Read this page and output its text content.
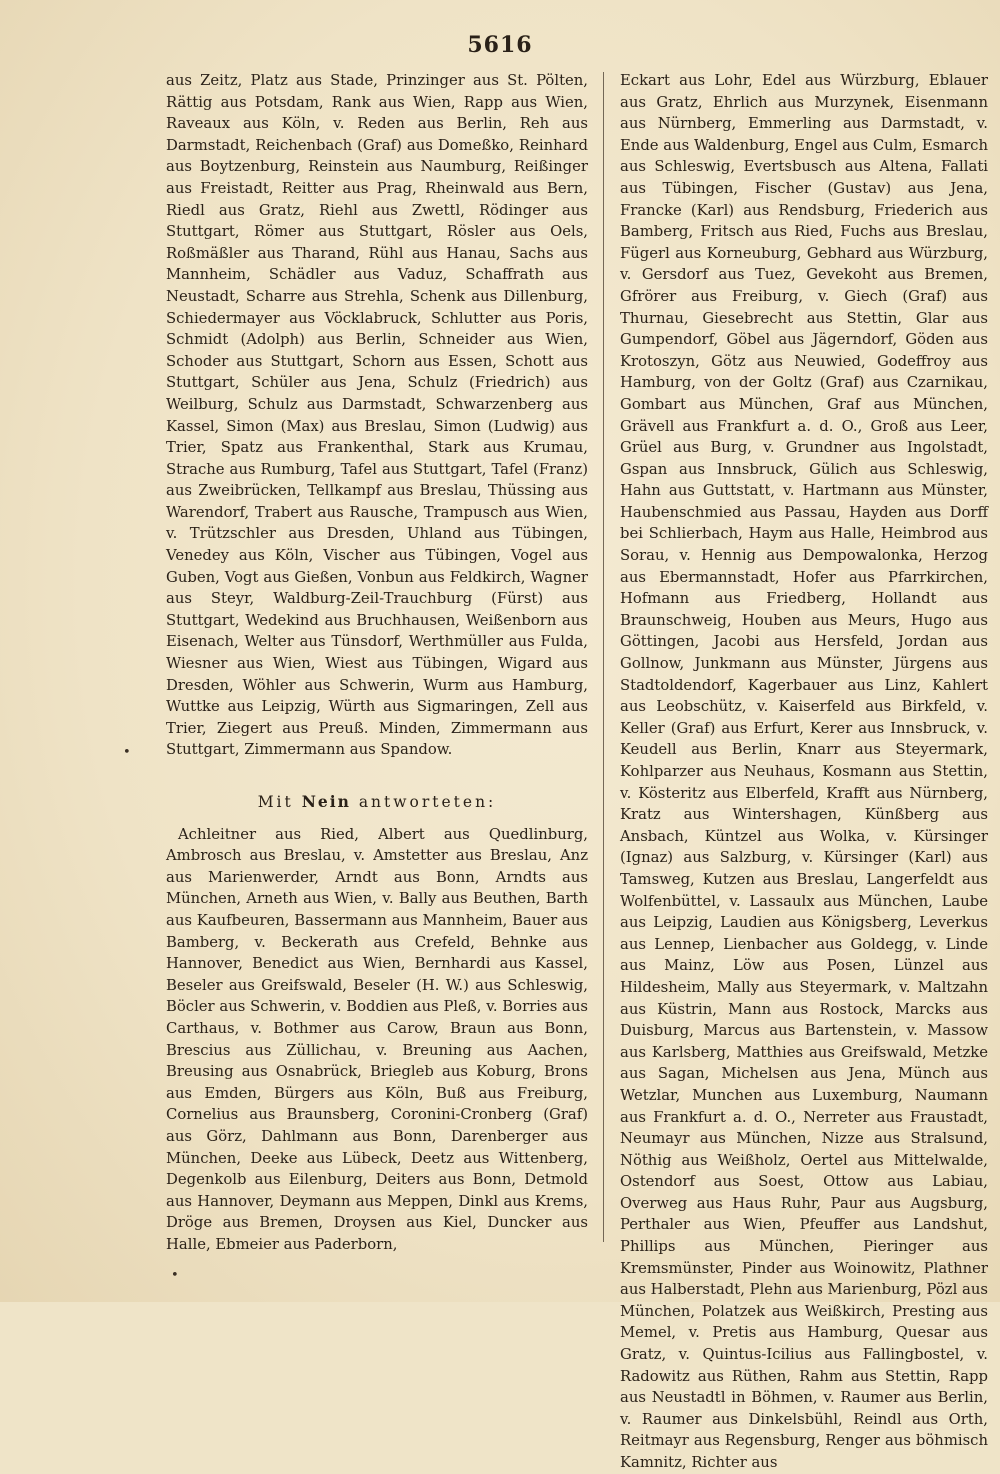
5616

aus Zeitz, Platz aus Stade, Prinzinger aus St. Pölten, Rättig aus Potsdam, Rank aus Wien, Rapp aus Wien, Raveaux aus Köln, v. Reden aus Berlin, Reh aus Darmstadt, Reichenbach (Graf) aus Domeßko, Reinhard aus Boytzenburg, Reinstein aus Naumburg, Reißinger aus Freistadt, Reitter aus Prag, Rheinwald aus Bern, Riedl aus Gratz, Riehl aus Zwettl, Rödinger aus Stuttgart, Römer aus Stuttgart, Rösler aus Oels, Roßmäßler aus Tharand, Rühl aus Hanau, Sachs aus Mannheim, Schädler aus Vaduz, Schaffrath aus Neustadt, Scharre aus Strehla, Schenk aus Dillenburg, Schiedermayer aus Vöcklabruck, Schlutter aus Poris, Schmidt (Adolph) aus Berlin, Schneider aus Wien, Schoder aus Stuttgart, Schorn aus Essen, Schott aus Stuttgart, Schüler aus Jena, Schulz (Friedrich) aus Weilburg, Schulz aus Darmstadt, Schwarzenberg aus Kassel, Simon (Max) aus Breslau, Simon (Ludwig) aus Trier, Spatz aus Frankenthal, Stark aus Krumau, Strache aus Rumburg, Tafel aus Stuttgart, Tafel (Franz) aus Zweibrücken, Tellkampf aus Breslau, Thüssing aus Warendorf, Trabert aus Rausche, Trampusch aus Wien, v. Trützschler aus Dresden, Uhland aus Tübingen, Venedey aus Köln, Vischer aus Tübingen, Vogel aus Guben, Vogt aus Gießen, Vonbun aus Feldkirch, Wagner aus Steyr, Waldburg-Zeil-Trauchburg (Fürst) aus Stuttgart, Wedekind aus Bruchhausen, Weißenborn aus Eisenach, Welter aus Tünsdorf, Werthmüller aus Fulda, Wiesner aus Wien, Wiest aus Tübingen, Wigard aus Dresden, Wöhler aus Schwerin, Wurm aus Hamburg, Wuttke aus Leipzig, Würth aus Sigmaringen, Zell aus Trier, Ziegert aus Preuß. Minden, Zimmermann aus Stuttgart, Zimmermann aus Spandow.

Mit Nein antworteten:

Achleitner aus Ried, Albert aus Quedlinburg, Ambrosch aus Breslau, v. Amstetter aus Breslau, Anz aus Marienwerder, Arndt aus Bonn, Arndts aus München, Arneth aus Wien, v. Bally aus Beuthen, Barth aus Kaufbeuren, Bassermann aus Mannheim, Bauer aus Bamberg, v. Beckerath aus Crefeld, Behnke aus Hannover, Benedict aus Wien, Bernhardi aus Kassel, Beseler aus Greifswald, Beseler (H. W.) aus Schleswig, Böcler aus Schwerin, v. Boddien aus Pleß, v. Borries aus Carthaus, v. Bothmer aus Carow, Braun aus Bonn, Brescius aus Züllichau, v. Breuning aus Aachen, Breusing aus Osnabrück, Briegleb aus Koburg, Brons aus Emden, Bürgers aus Köln, Buß aus Freiburg, Cornelius aus Braunsberg, Coronini-Cronberg (Graf) aus Görz, Dahlmann aus Bonn, Darenberger aus München, Deeke aus Lübeck, Deetz aus Wittenberg, Degenkolb aus Eilenburg, Deiters aus Bonn, Detmold aus Hannover, Deymann aus Meppen, Dinkl aus Krems, Dröge aus Bremen, Droysen aus Kiel, Duncker aus Halle, Ebmeier aus Paderborn,

Eckart aus Lohr, Edel aus Würzburg, Eblauer aus Gratz, Ehrlich aus Murzynek, Eisenmann aus Nürnberg, Emmerling aus Darmstadt, v. Ende aus Waldenburg, Engel aus Culm, Esmarch aus Schleswig, Evertsbusch aus Altena, Fallati aus Tübingen, Fischer (Gustav) aus Jena, Francke (Karl) aus Rendsburg, Friederich aus Bamberg, Fritsch aus Ried, Fuchs aus Breslau, Fügerl aus Korneuburg, Gebhard aus Würzburg, v. Gersdorf aus Tuez, Gevekoht aus Bremen, Gfrörer aus Freiburg, v. Giech (Graf) aus Thurnau, Giesebrecht aus Stettin, Glar aus Gumpendorf, Göbel aus Jägerndorf, Göden aus Krotoszyn, Götz aus Neuwied, Godeffroy aus Hamburg, von der Goltz (Graf) aus Czarnikau, Gombart aus München, Graf aus München, Grävell aus Frankfurt a. d. O., Groß aus Leer, Grüel aus Burg, v. Grundner aus Ingolstadt, Gspan aus Innsbruck, Gülich aus Schleswig, Hahn aus Guttstatt, v. Hartmann aus Münster, Haubenschmied aus Passau, Hayden aus Dorff bei Schlierbach, Haym aus Halle, Heimbrod aus Sorau, v. Hennig aus Dempowalonka, Herzog aus Ebermannstadt, Hofer aus Pfarrkirchen, Hofmann aus Friedberg, Hollandt aus Braunschweig, Houben aus Meurs, Hugo aus Göttingen, Jacobi aus Hersfeld, Jordan aus Gollnow, Junkmann aus Münster, Jürgens aus Stadtoldendorf, Kagerbauer aus Linz, Kahlert aus Leobschütz, v. Kaiserfeld aus Birkfeld, v. Keller (Graf) aus Erfurt, Kerer aus Innsbruck, v. Keudell aus Berlin, Knarr aus Steyermark, Kohlparzer aus Neuhaus, Kosmann aus Stettin, v. Kösteritz aus Elberfeld, Krafft aus Nürnberg, Kratz aus Wintershagen, Künßberg aus Ansbach, Küntzel aus Wolka, v. Kürsinger (Ignaz) aus Salzburg, v. Kürsinger (Karl) aus Tamsweg, Kutzen aus Breslau, Langerfeldt aus Wolfenbüttel, v. Lassaulx aus München, Laube aus Leipzig, Laudien aus Königsberg, Leverkus aus Lennep, Lienbacher aus Goldegg, v. Linde aus Mainz, Löw aus Posen, Lünzel aus Hildesheim, Mally aus Steyermark, v. Maltzahn aus Küstrin, Mann aus Rostock, Marcks aus Duisburg, Marcus aus Bartenstein, v. Massow aus Karlsberg, Matthies aus Greifswald, Metzke aus Sagan, Michelsen aus Jena, Münch aus Wetzlar, Munchen aus Luxemburg, Naumann aus Frankfurt a. d. O., Nerreter aus Fraustadt, Neumayr aus München, Nizze aus Stralsund, Nöthig aus Weißholz, Oertel aus Mittelwalde, Ostendorf aus Soest, Ottow aus Labiau, Overweg aus Haus Ruhr, Paur aus Augsburg, Perthaler aus Wien, Pfeuffer aus Landshut, Phillips aus München, Pieringer aus Kremsmünster, Pinder aus Woinowitz, Plathner aus Halberstadt, Plehn aus Marienburg, Pözl aus München, Polatzek aus Weißkirch, Presting aus Memel, v. Pretis aus Hamburg, Quesar aus Gratz, v. Quintus-Icilius aus Fallingbostel, v. Radowitz aus Rüthen, Rahm aus Stettin, Rapp aus Neustadtl in Böhmen, v. Raumer aus Berlin, v. Raumer aus Dinkelsbühl, Reindl aus Orth, Reitmayr aus Regensburg, Renger aus böhmisch Kamnitz, Richter aus

•
•
